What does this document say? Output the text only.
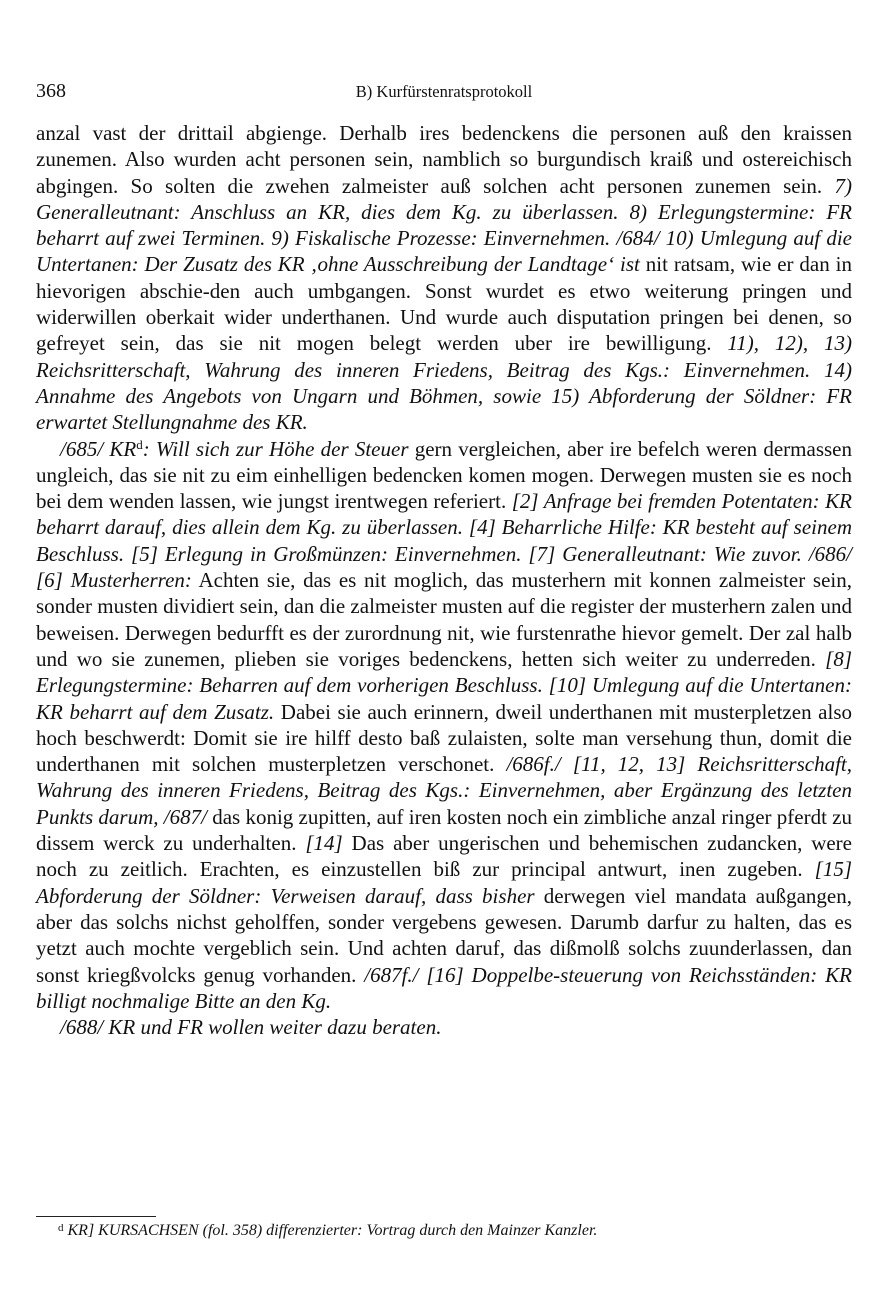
368	B) Kurfürstenratsprotokoll

anzal vast der drittail abgienge. Derhalb ires bedenckens die personen auß den kraissen zunemen. Also wurden acht personen sein, namblich so burgundisch kraiß und ostereichisch abgingen. So solten die zwehen zalmeister auß solchen acht personen zunemen sein. 7) Generalleutnant: Anschluss an KR, dies dem Kg. zu überlassen. 8) Erlegungstermine: FR beharrt auf zwei Terminen. 9) Fiskalische Prozesse: Einvernehmen. /684/ 10) Umlegung auf die Untertanen: Der Zusatz des KR ‚ohne Ausschreibung der Landtage‘ ist nit ratsam, wie er dan in hievorigen abschie-den auch umbgangen. Sonst wurdet es etwo weiterung pringen und widerwillen oberkait wider underthanen. Und wurde auch disputation pringen bei denen, so gefreyet sein, das sie nit mogen belegt werden uber ire bewilligung. 11), 12), 13) Reichsritterschaft, Wahrung des inneren Friedens, Beitrag des Kgs.: Einvernehmen. 14) Annahme des Angebots von Ungarn und Böhmen, sowie 15) Abforderung der Söldner: FR erwartet Stellungnahme des KR.

/685/ KR$^d$: Will sich zur Höhe der Steuer gern vergleichen, aber ire befelch weren dermassen ungleich, das sie nit zu eim einhelligen bedencken komen mogen. Derwegen musten sie es noch bei dem wenden lassen, wie jungst irentwegen referiert. [2] Anfrage bei fremden Potentaten: KR beharrt darauf, dies allein dem Kg. zu überlassen. [4] Beharrliche Hilfe: KR besteht auf seinem Beschluss. [5] Erlegung in Großmünzen: Einvernehmen. [7] Generalleutnant: Wie zuvor. /686/ [6] Musterherren: Achten sie, das es nit moglich, das musterhern mit konnen zalmeister sein, sonder musten dividiert sein, dan die zalmeister musten auf die register der musterhern zalen und beweisen. Derwegen bedurfft es der zurordnung nit, wie furstenrathe hievor gemelt. Der zal halb und wo sie zunemen, plieben sie voriges bedenckens, hetten sich weiter zu underreden. [8] Erlegungstermine: Beharren auf dem vorherigen Beschluss. [10] Umlegung auf die Untertanen: KR beharrt auf dem Zusatz. Dabei sie auch erinnern, dweil underthanen mit musterpletzen also hoch beschwerdt: Domit sie ire hilff desto baß zulaisten, solte man versehung thun, domit die underthanen mit solchen musterpletzen verschonet. /686f./ [11, 12, 13] Reichsritterschaft, Wahrung des inneren Friedens, Beitrag des Kgs.: Einvernehmen, aber Ergänzung des letzten Punkts darum, /687/ das konig zupitten, auf iren kosten noch ein zimbliche anzal ringer pferdt zu dissem werck zu underhalten. [14] Das aber ungerischen und behemischen zudancken, were noch zu zeitlich. Erachten, es einzustellen biß zur principal antwurt, inen zugeben. [15] Abforderung der Söldner: Verweisen darauf, dass bisher derwegen viel mandata außgangen, aber das solchs nichst geholffen, sonder vergebens gewesen. Darumb darfur zu halten, das es yetzt auch mochte vergeblich sein. Und achten daruf, das dißmolß solchs zuunderlassen, dan sonst kriegßvolcks genug vorhanden. /687f./ [16] Doppelbe-steuerung von Reichsständen: KR billigt nochmalige Bitte an den Kg.

/688/ KR und FR wollen weiter dazu beraten.

$^d$ KR] KURSACHSEN (fol. 358) differenzierter: Vortrag durch den Mainzer Kanzler.
